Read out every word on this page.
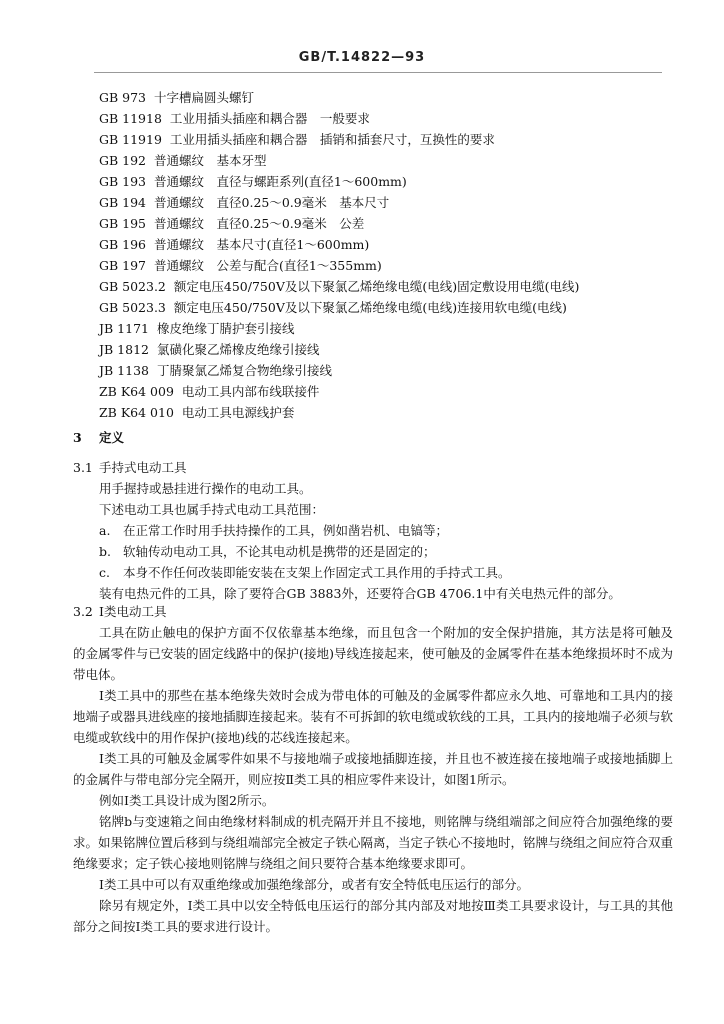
GB/T.14822—93
GB 973 十字槽扁圆头螺钉
GB 11918 工业用插头插座和耦合器　一般要求
GB 11919 工业用插头插座和耦合器　插销和插套尺寸，互换性的要求
GB 192 普通螺纹　基本牙型
GB 193 普通螺纹　直径与螺距系列(直径1～600mm)
GB 194 普通螺纹　直径0.25～0.9毫米　基本尺寸
GB 195 普通螺纹　直径0.25～0.9毫米　公差
GB 196 普通螺纹　基本尺寸(直径1～600mm)
GB 197 普通螺纹　公差与配合(直径1～355mm)
GB 5023.2 额定电压450/750V及以下聚氯乙烯绝缘电缆(电线)固定敷设用电缆(电线)
GB 5023.3 额定电压450/750V及以下聚氯乙烯绝缘电缆(电线)连接用软电缆(电线)
JB 1171 橡皮绝缘丁腈护套引接线
JB 1812 氯磺化聚乙烯橡皮绝缘引接线
JB 1138 丁腈聚氯乙烯复合物绝缘引接线
ZB K64 009 电动工具内部布线联接件
ZB K64 010 电动工具电源线护套
3 定义
3.1 手持式电动工具

用手握持或悬挂进行操作的电动工具。

下述电动工具也属手持式电动工具范围：

a. 在正常工作时用手扶持操作的工具，例如凿岩机、电镐等；
b. 软轴传动电动工具，不论其电动机是携带的还是固定的；
c. 本身不作任何改装即能安装在支架上作固定式工具作用的手持式工具。

装有电热元件的工具，除了要符合GB 3883外，还要符合GB 4706.1中有关电热元件的部分。

3.2 Ⅰ类电动工具

工具在防止触电的保护方面不仅依靠基本绝缘，而且包含一个附加的安全保护措施，其方法是将可触及的金属零件与已安装的固定线路中的保护(接地)导线连接起来，使可触及的金属零件在基本绝缘损坏时不成为带电体。

Ⅰ类工具中的那些在基本绝缘失效时会成为带电体的可触及的金属零件都应永久地、可靠地和工具内的接地端子或器具进线座的接地插脚连接起来。装有不可拆卸的软电缆或软线的工具，工具内的接地端子必须与软电缆或软线中的用作保护(接地)线的芯线连接起来。

Ⅰ类工具的可触及金属零件如果不与接地端子或接地插脚连接，并且也不被连接在接地端子或接地插脚上的金属件与带电部分完全隔开，则应按Ⅱ类工具的相应零件来设计，如图1所示。

例如Ⅰ类工具设计成为图2所示。

铭牌b与变速箱之间由绝缘材料制成的机壳隔开并且不接地，则铭牌与绕组端部之间应符合加强绝缘的要求。如果铭牌位置后移到与绕组端部完全被定子铁心隔离，当定子铁心不接地时，铭牌与绕组之间应符合双重绝缘要求；定子铁心接地则铭牌与绕组之间只要符合基本绝缘要求即可。

Ⅰ类工具中可以有双重绝缘或加强绝缘部分，或者有安全特低电压运行的部分。

除另有规定外，Ⅰ类工具中以安全特低电压运行的部分其内部及对地按Ⅲ类工具要求设计，与工具的其他部分之间按Ⅰ类工具的要求进行设计。
